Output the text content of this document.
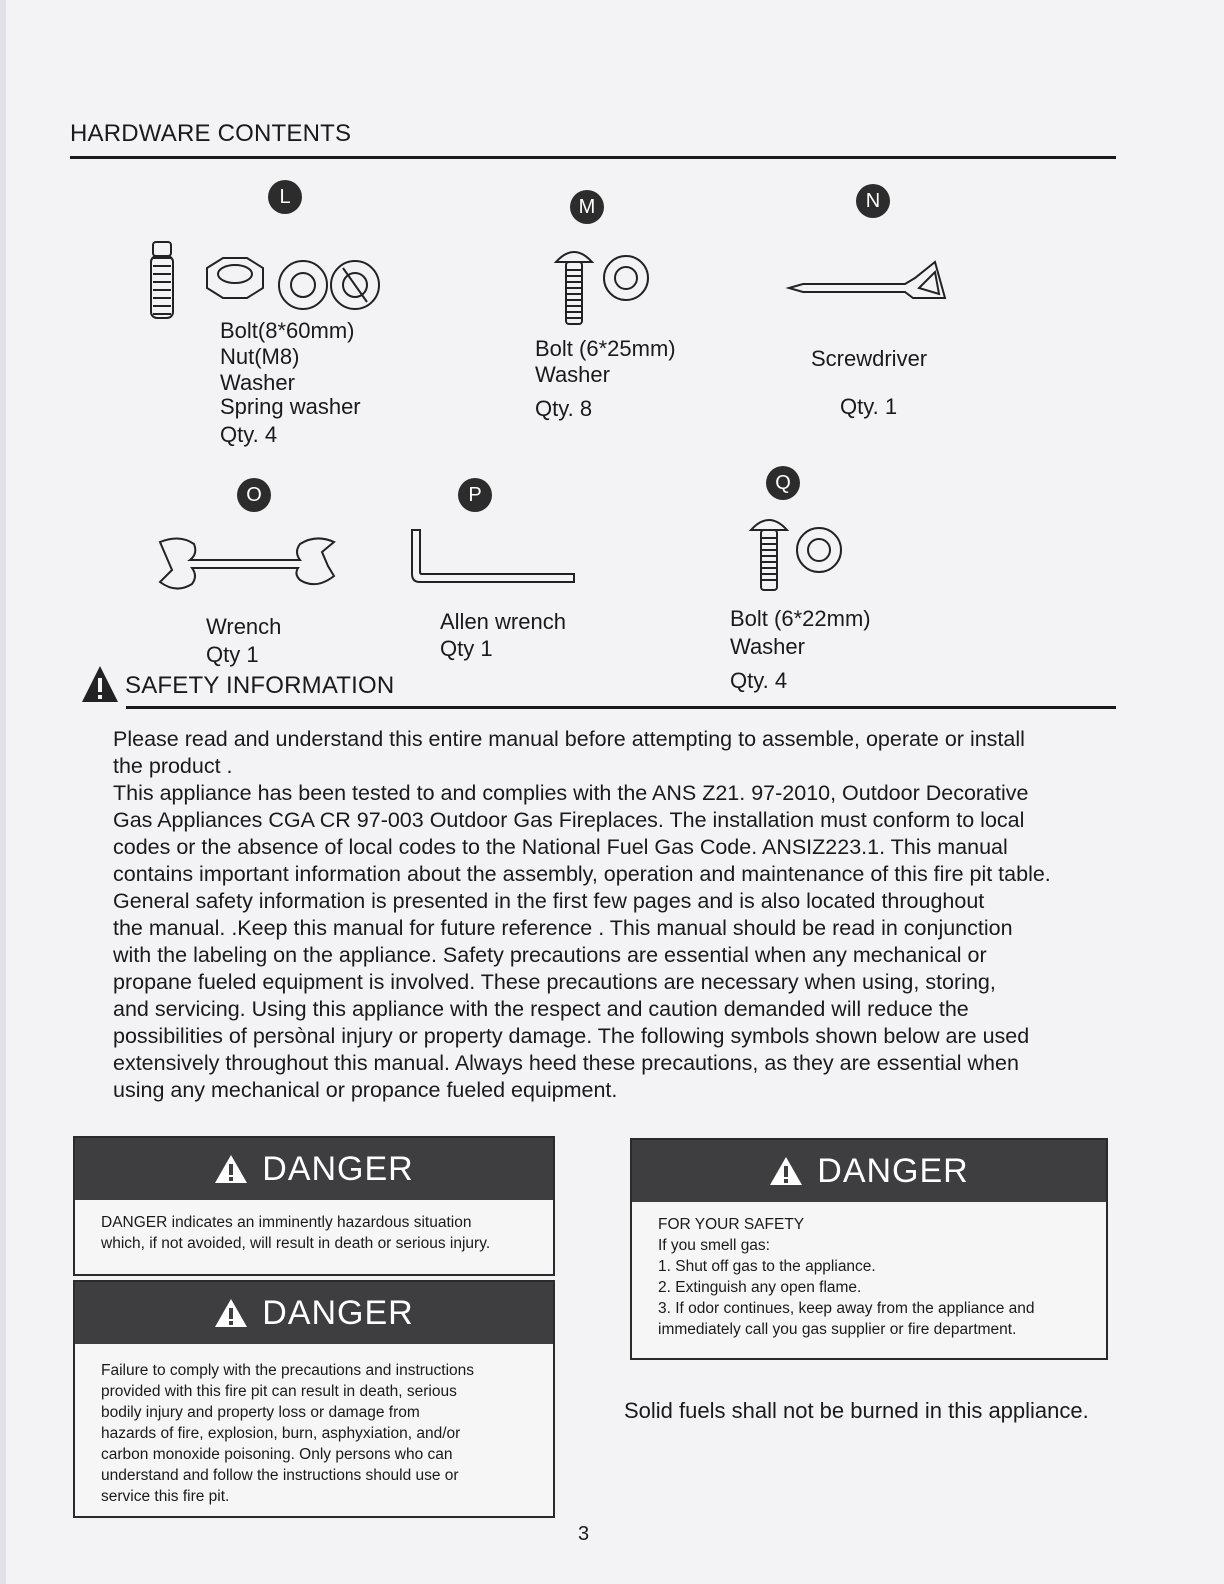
HARDWARE CONTENTS
L
Bolt(8*60mm)
Nut(M8)
Washer
Spring washer
Qty. 4
M
Bolt (6*25mm)
Washer
Qty. 8
N
Screwdriver
Qty. 1
O
Wrench
Qty 1
P
Allen wrench
Qty 1
Q
Bolt (6*22mm)
Washer
Qty. 4
SAFETY INFORMATION

Please read and understand this entire manual before attempting to assemble, operate or install
the product .
This appliance has been tested to and complies with the ANS Z21. 97-2010, Outdoor Decorative
Gas Appliances CGA CR 97-003 Outdoor Gas Fireplaces. The installation must conform to local
codes or the absence of local codes to the National Fuel Gas Code. ANSIZ223.1. This manual
contains important information about the assembly, operation and maintenance of this fire pit table.
General safety information is presented in the first few pages and is also located throughout
the manual. .Keep this manual for future reference . This manual should be read in conjunction
with the labeling on the appliance. Safety precautions are essential when any mechanical or
propane fueled equipment is involved. These precautions are necessary when using, storing,
and servicing. Using this appliance with the respect and caution demanded will reduce the
possibilities of persònal injury or property damage. The following symbols shown below are used
extensively throughout this manual. Always heed these precautions, as they are essential when
using any mechanical or propance fueled equipment.

DANGER

DANGER indicates an imminently hazardous situation
which, if not avoided, will result in death or serious injury.

DANGER

Failure to comply with the precautions and instructions
provided with this fire pit can result in death, serious
bodily injury and property loss or damage from
hazards of fire, explosion, burn, asphyxiation, and/or
carbon monoxide poisoning. Only persons who can
understand and follow the instructions should use or
service this fire pit.

DANGER

FOR YOUR SAFETY
If you smell gas:
1. Shut off gas to the appliance.
2. Extinguish any open flame.
3. If odor continues, keep away from the appliance and
immediately call you gas supplier or fire department.

Solid fuels shall not be burned in this appliance.
3
